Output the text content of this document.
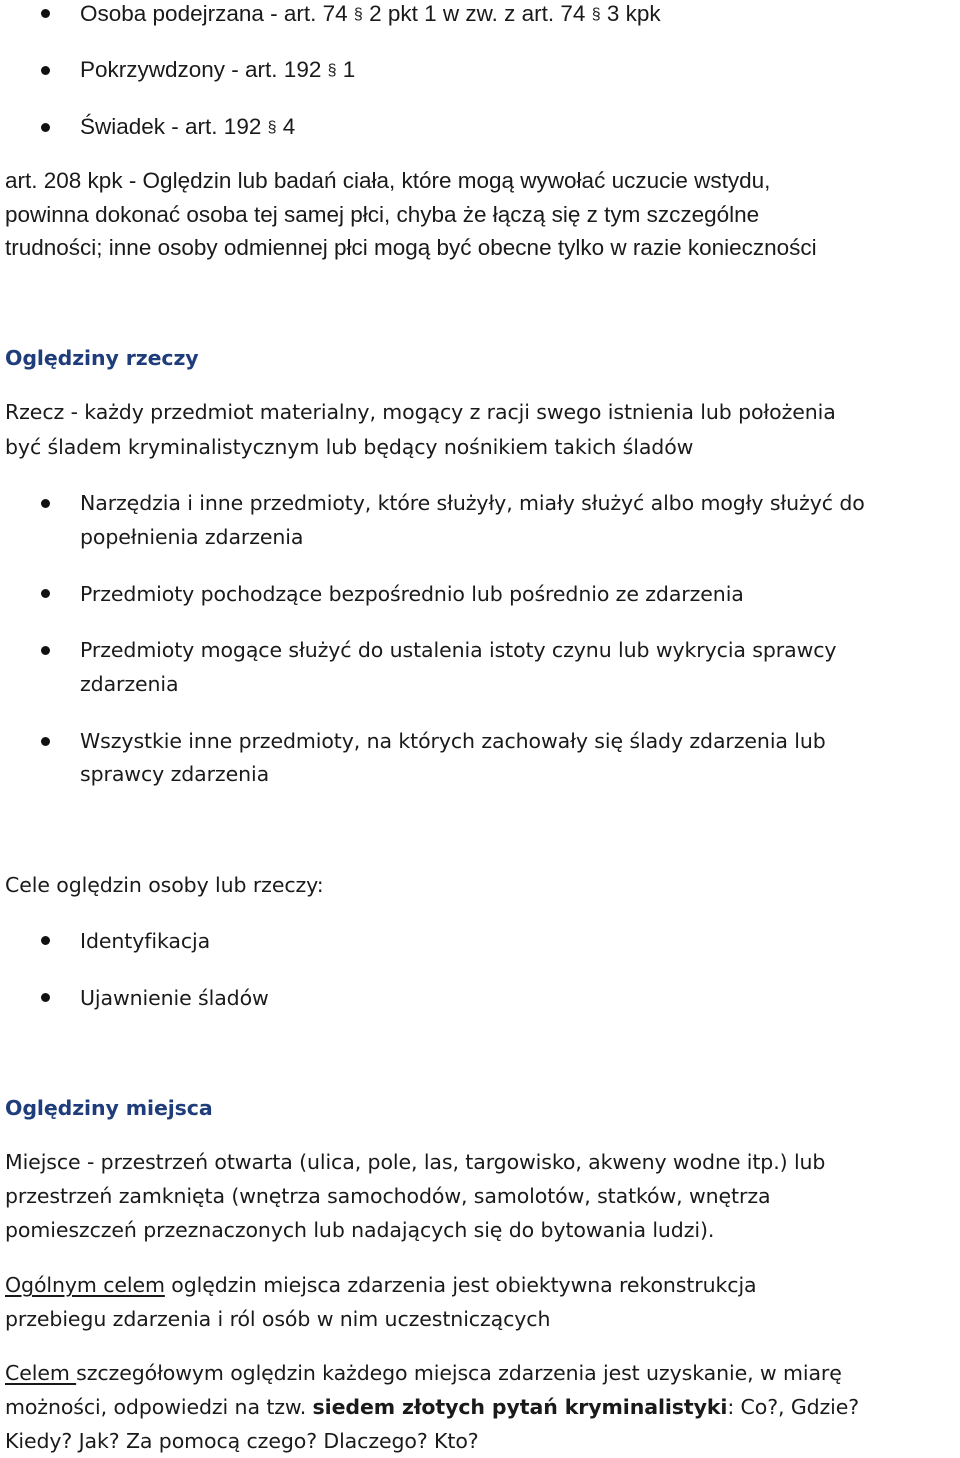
Osoba podejrzana - art. 74 § 2 pkt 1 w zw. z art. 74 § 3 kpk
Pokrzywdzony - art. 192 § 1
Świadek - art. 192 § 4
art. 208 kpk - Oględzin lub badań ciała, które mogą wywołać uczucie wstydu,
powinna dokonać osoba tej samej płci, chyba że łączą się z tym szczególne
trudności; inne osoby odmiennej płci mogą być obecne tylko w razie konieczności
Oględziny rzeczy
Rzecz - każdy przedmiot materialny, mogący z racji swego istnienia lub położenia
być śladem kryminalistycznym lub będący nośnikiem takich śladów
Narzędzia i inne przedmioty, które służyły, miały służyć albo mogły służyć do
popełnienia zdarzenia
Przedmioty pochodzące bezpośrednio lub pośrednio ze zdarzenia
Przedmioty mogące służyć do ustalenia istoty czynu lub wykrycia sprawcy
zdarzenia
Wszystkie inne przedmioty, na których zachowały się ślady zdarzenia lub
sprawcy zdarzenia
Cele oględzin osoby lub rzeczy:
Identyfikacja
Ujawnienie śladów
Oględziny miejsca
Miejsce - przestrzeń otwarta (ulica, pole, las, targowisko, akweny wodne itp.) lub
przestrzeń zamknięta (wnętrza samochodów, samolotów, statków, wnętrza
pomieszczeń przeznaczonych lub nadających się do bytowania ludzi).
Ogólnym celem oględzin miejsca zdarzenia jest obiektywna rekonstrukcja
przebiegu zdarzenia i ról osób w nim uczestniczących
Celem szczegółowym oględzin każdego miejsca zdarzenia jest uzyskanie, w miarę
możności, odpowiedzi na tzw. siedem złotych pytań kryminalistyki: Co?, Gdzie?
Kiedy? Jak? Za pomocą czego? Dlaczego? Kto?
